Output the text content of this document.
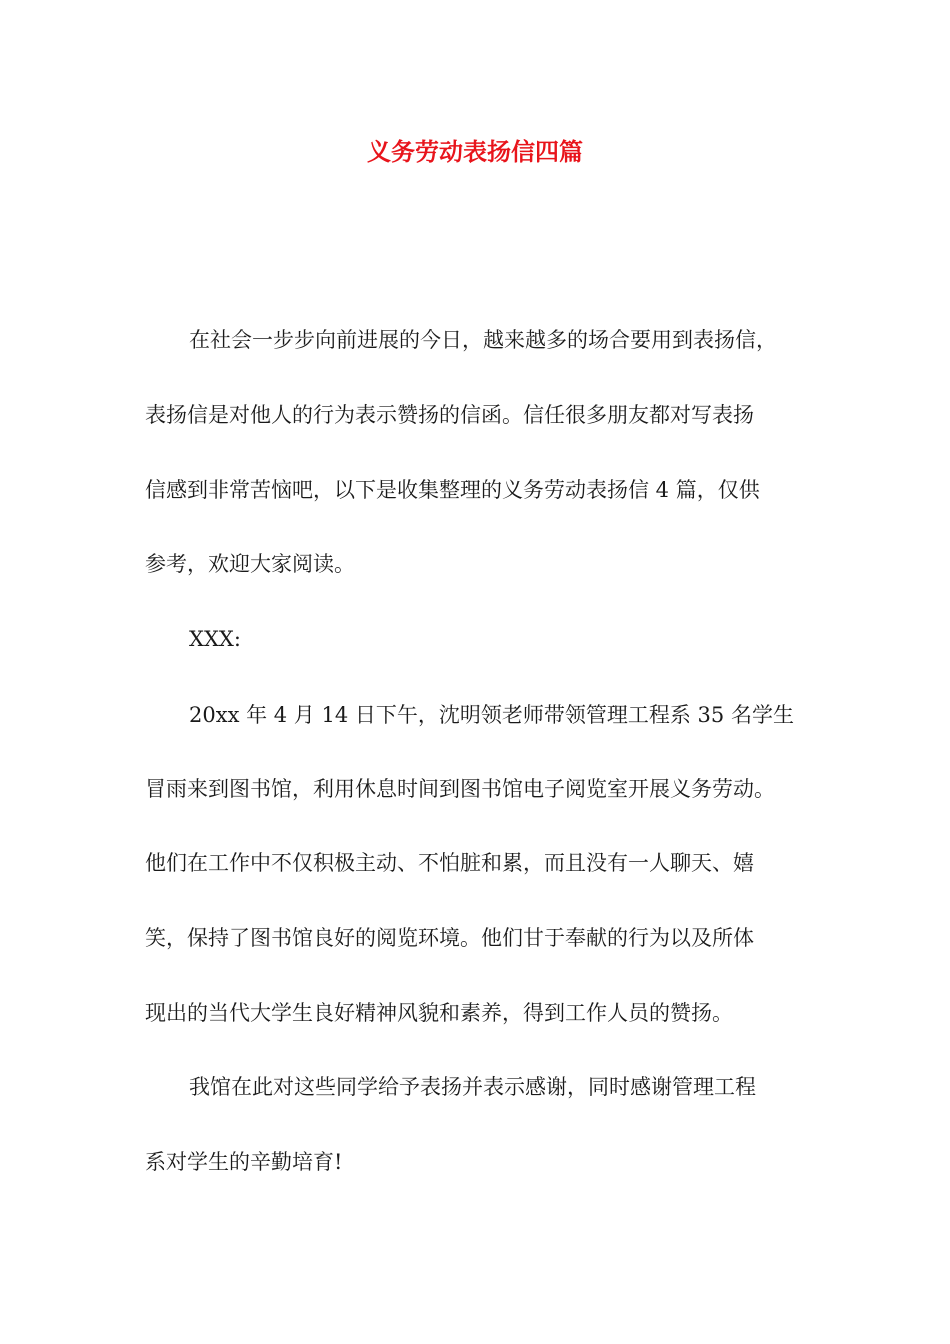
义务劳动表扬信四篇
在社会一步步向前进展的今日，越来越多的场合要用到表扬信，
表扬信是对他人的行为表示赞扬的信函。信任很多朋友都对写表扬
信感到非常苦恼吧，以下是收集整理的义务劳动表扬信 4 篇，仅供
参考，欢迎大家阅读。
XXX:
20xx 年 4 月 14 日下午，沈明领老师带领管理工程系 35 名学生
冒雨来到图书馆，利用休息时间到图书馆电子阅览室开展义务劳动。
他们在工作中不仅积极主动、不怕脏和累，而且没有一人聊天、嬉
笑，保持了图书馆良好的阅览环境。他们甘于奉献的行为以及所体
现出的当代大学生良好精神风貌和素养，得到工作人员的赞扬。
我馆在此对这些同学给予表扬并表示感谢，同时感谢管理工程
系对学生的辛勤培育!
